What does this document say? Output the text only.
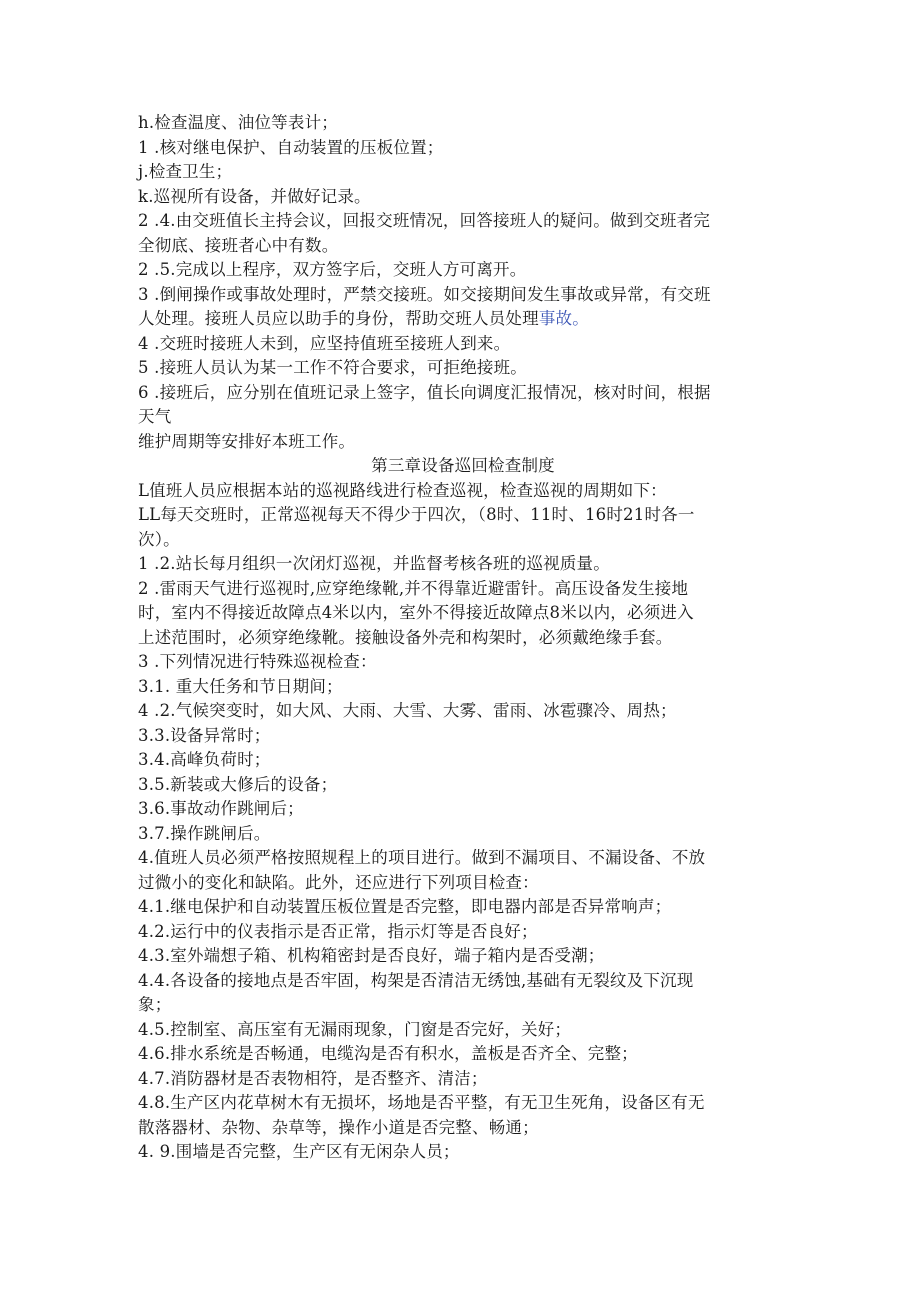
h.检查温度、油位等表计；
1 .核对继电保护、自动装置的压板位置；
j.检查卫生；
k.巡视所有设备，并做好记录。
2 .4.由交班值长主持会议，回报交班情况，回答接班人的疑问。做到交班者完
全彻底、接班者心中有数。
2 .5.完成以上程序，双方签字后，交班人方可离开。
3 .倒闸操作或事故处理时，严禁交接班。如交接期间发生事故或异常，有交班
人处理。接班人员应以助手的身份，帮助交班人员处理事故。
4 .交班时接班人未到，应坚持值班至接班人到来。
5 .接班人员认为某一工作不符合要求，可拒绝接班。
6 .接班后，应分别在值班记录上签字，值长向调度汇报情况，核对时间，根据
天气
维护周期等安排好本班工作。
第三章设备巡回检查制度
L值班人员应根据本站的巡视路线进行检查巡视，检查巡视的周期如下：
LL每天交班时，正常巡视每天不得少于四次，（8时、11时、16时21时各一
次）。
1 .2.站长每月组织一次闭灯巡视，并监督考核各班的巡视质量。
2 .雷雨天气进行巡视时,应穿绝缘靴,并不得靠近避雷针。高压设备发生接地
时，室内不得接近故障点4米以内，室外不得接近故障点8米以内，必须进入
上述范围时，必须穿绝缘靴。接触设备外壳和构架时，必须戴绝缘手套。
3 .下列情况进行特殊巡视检查：
3.1. 重大任务和节日期间；
4 .2.气候突变时，如大风、大雨、大雪、大雾、雷雨、冰雹骤冷、周热；
3.3.设备异常时；
3.4.高峰负荷时；
3.5.新装或大修后的设备；
3.6.事故动作跳闸后；
3.7.操作跳闸后。
4.值班人员必须严格按照规程上的项目进行。做到不漏项目、不漏设备、不放
过微小的变化和缺陷。此外，还应进行下列项目检查：
4.1.继电保护和自动装置压板位置是否完整，即电器内部是否异常响声；
4.2.运行中的仪表指示是否正常，指示灯等是否良好；
4.3.室外端想子箱、机构箱密封是否良好，端子箱内是否受潮；
4.4.各设备的接地点是否牢固，构架是否清洁无绣蚀,基础有无裂纹及下沉现
象；
4.5.控制室、高压室有无漏雨现象，门窗是否完好，关好；
4.6.排水系统是否畅通，电缆沟是否有积水，盖板是否齐全、完整；
4.7.消防器材是否表物相符，是否整齐、清洁；
4.8.生产区内花草树木有无损坏，场地是否平整，有无卫生死角，设备区有无
散落器材、杂物、杂草等，操作小道是否完整、畅通；
4. 9.围墙是否完整，生产区有无闲杂人员；
